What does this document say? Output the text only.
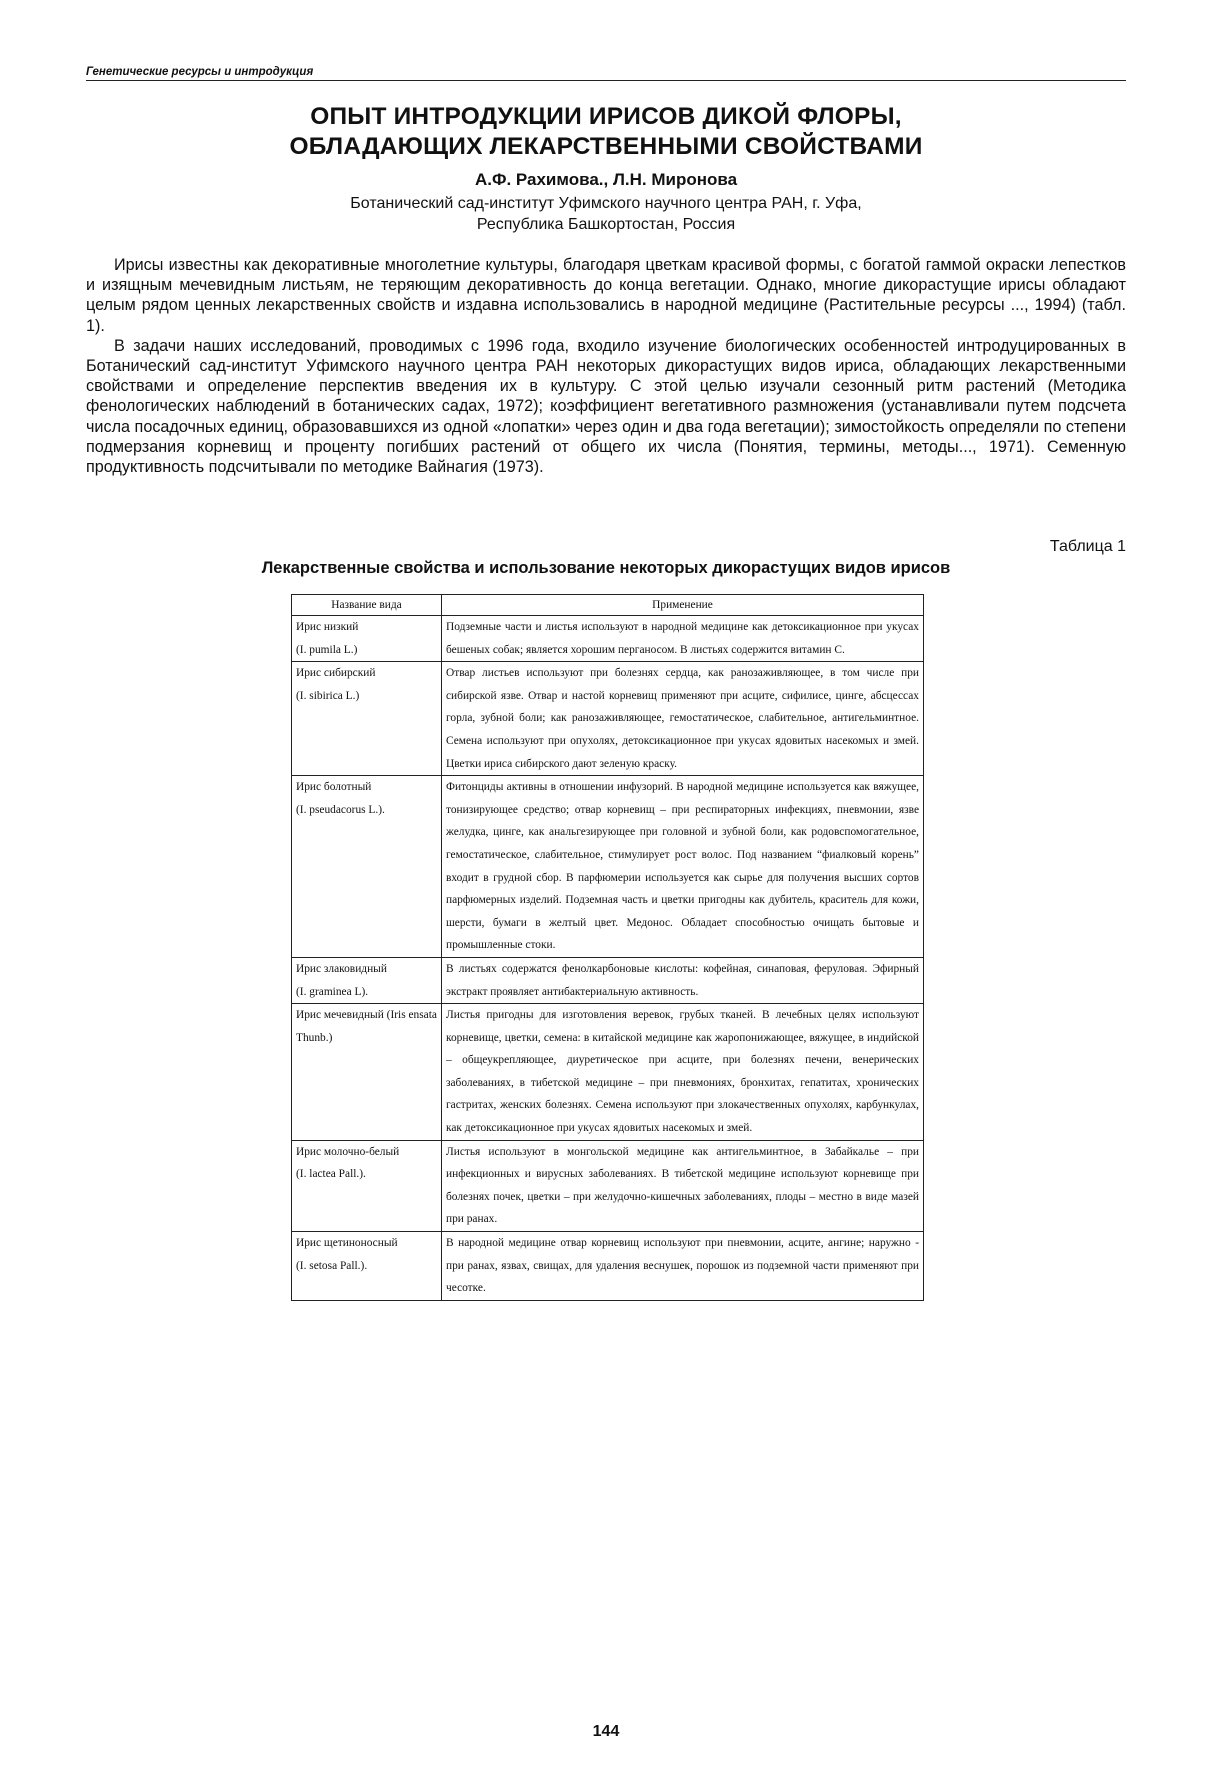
Генетические ресурсы и интродукция
ОПЫТ ИНТРОДУКЦИИ ИРИСОВ ДИКОЙ ФЛОРЫ,
ОБЛАДАЮЩИХ ЛЕКАРСТВЕННЫМИ СВОЙСТВАМИ
А.Ф. Рахимова., Л.Н. Миронова
Ботанический сад-институт Уфимского научного центра РАН, г. Уфа,
Республика Башкортостан, Россия

Ирисы известны как декоративные многолетние культуры, благодаря цветкам красивой формы, с богатой гаммой окраски лепестков и изящным мечевидным листьям, не теряющим декоративность до конца вегетации. Однако, многие дикорастущие ирисы обладают целым рядом ценных лекарственных свойств и издавна использовались в народной медицине (Растительные ресурсы ..., 1994) (табл. 1).

В задачи наших исследований, проводимых с 1996 года, входило изучение биологических особенностей интродуцированных в Ботанический сад-институт Уфимского научного центра РАН некоторых дикорастущих видов ириса, обладающих лекарственными свойствами и определение перспектив введения их в культуру. С этой целью изучали сезонный ритм растений (Методика фенологических наблюдений в ботанических садах, 1972); коэффициент вегетативного размножения (устанавливали путем подсчета числа посадочных единиц, образовавшихся из одной «лопатки» через один и два года вегетации); зимостойкость определяли по степени подмерзания корневищ и проценту погибших растений от общего их числа (Понятия, термины, методы..., 1971). Семенную продуктивность подсчитывали по методике Вайнагия (1973).

Таблица 1
Лекарственные свойства и использование некоторых дикорастущих видов ирисов
Название вида	Применение

Ирис низкий
(I. pumila L.)	Подземные части и листья используют в народной медицине как детоксикационное при укусах бешеных собак; является хорошим перганосом. В листьях содержится витамин С.

Ирис сибирский
(I. sibirica L.)	Отвар листьев используют при болезнях сердца, как ранозаживляющее, в том числе при сибирской язве. Отвар и настой корневищ применяют при асците, сифилисе, цинге, абсцессах горла, зубной боли; как ранозаживляющее, гемостатическое, слабительное, антигельминтное. Семена используют при опухолях, детоксикационное при укусах ядовитых насекомых и змей. Цветки ириса сибирского дают зеленую краску.

Ирис болотный
(I. pseudacorus L.).	Фитонциды активны в отношении инфузорий. В народной медицине используется как вяжущее, тонизирующее средство; отвар корневищ – при респираторных инфекциях, пневмонии, язве желудка, цинге, как анальгезирующее при головной и зубной боли, как родовспомогательное, гемостатическое, слабительное, стимулирует рост волос. Под названием “фиалковый корень” входит в грудной сбор. В парфюмерии используется как сырье для получения высших сортов парфюмерных изделий. Подземная часть и цветки пригодны как дубитель, краситель для кожи, шерсти, бумаги в желтый цвет. Медонос. Обладает способностью очищать бытовые и промышленные стоки.

Ирис злаковидный
(I. graminea L).	В листьях содержатся фенолкарбоновые кислоты: кофейная, синаповая, феруловая. Эфирный экстракт проявляет антибактериальную активность.

Ирис мечевидный (Iris ensata Thunb.)	Листья пригодны для изготовления веревок, грубых тканей. В лечебных целях используют корневище, цветки, семена: в китайской медицине как жаропонижающее, вяжущее, в индийской – общеукрепляющее, диуретическое при асците, при болезнях печени, венерических заболеваниях, в тибетской медицине – при пневмониях, бронхитах, гепатитах, хронических гастритах, женских болезнях. Семена используют при злокачественных опухолях, карбункулах, как детоксикационное при укусах ядовитых насекомых и змей.

Ирис молочно-белый
(I. lactea Pall.).	Листья используют в монгольской медицине как антигельминтное, в Забайкалье – при инфекционных и вирусных заболеваниях. В тибетской медицине используют корневище при болезнях почек, цветки – при желудочно-кишечных заболеваниях, плоды – местно в виде мазей при ранах.

Ирис щетиноносный
(I. setosa Pall.).	В народной медицине отвар корневищ используют при пневмонии, асците, ангине; наружно - при ранах, язвах, свищах, для удаления веснушек, порошок из подземной части применяют при чесотке.
144
